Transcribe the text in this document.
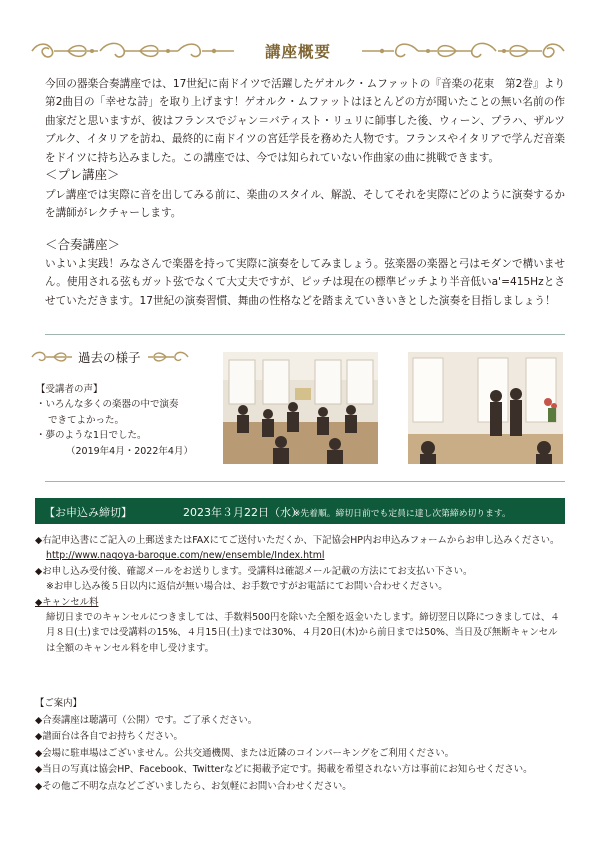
講座概要
今回の器楽合奏講座では、17世紀に南ドイツで活躍したゲオルク・ムファットの『音楽の花束　第2巻』より第2曲目の「幸せな詩」を取り上げます！ゲオルク・ムファットはほとんどの方が聞いたことの無い名前の作曲家だと思いますが、彼はフランスでジャン＝バティスト・リュリに師事した後、ウィーン、プラハ、ザルツブルク、イタリアを訪ね、最終的に南ドイツの宮廷学長を務めた人物です。フランスやイタリアで学んだ音楽をドイツに持ち込みました。この講座では、今では知られていない作曲家の曲に挑戦できます。
＜プレ講座＞
プレ講座では実際に音を出してみる前に、楽曲のスタイル、解説、そしてそれを実際にどのように演奏するかを講師がレクチャーします。
＜合奏講座＞
いよいよ実践！みなさんで楽器を持って実際に演奏をしてみましょう。弦楽器の楽器と弓はモダンで構いません。使用される弦もガット弦でなくて大丈夫ですが、ピッチは現在の標準ピッチより半音低いa'=415Hzとさせていただきます。17世紀の演奏習慣、舞曲の性格などを踏まえていきいきとした演奏を目指しましょう！
過去の様子
【受講者の声】
・いろんな多くの楽器の中で演奏
できてよかった。
・夢のような1日でした。
（2019年4月・2022年4月）
【お申込み締切】	2023年３月22日（水）
※先着順。締切日前でも定員に達し次第締め切ります。

◆右記申込書にご記入の上郵送またはFAXにてご送付いただくか、下記協会HP内お申込みフォームからお申し込みください。

http://www.nagoya-baroque.com/new/ensemble/Index.html

◆お申し込み受付後、確認メールをお送りします。受講料は確認メール記載の方法にてお支払い下さい。

※お申し込み後５日以内に返信が無い場合は、お手数ですがお電話にてお問い合わせください。

◆キャンセル料

締切日までのキャンセルにつきましては、手数料500円を除いた全額を返金いたします。締切翌日以降につきましては、４月８日(土)までは受講料の15%、４月15日(土)までは30%、４月20日(木)から前日までは50%、当日及び無断キャンセルは全額のキャンセル料を申し受けます。

【ご案内】

◆合奏講座は聴講可（公開）です。ご了承ください。

◆譜面台は各自でお持ちください。

◆会場に駐車場はございません。公共交通機関、または近隣のコインパーキングをご利用ください。

◆当日の写真は協会HP、Facebook、Twitterなどに掲載予定です。掲載を希望されない方は事前にお知らせください。

◆その他ご不明な点などございましたら、お気軽にお問い合わせください。
